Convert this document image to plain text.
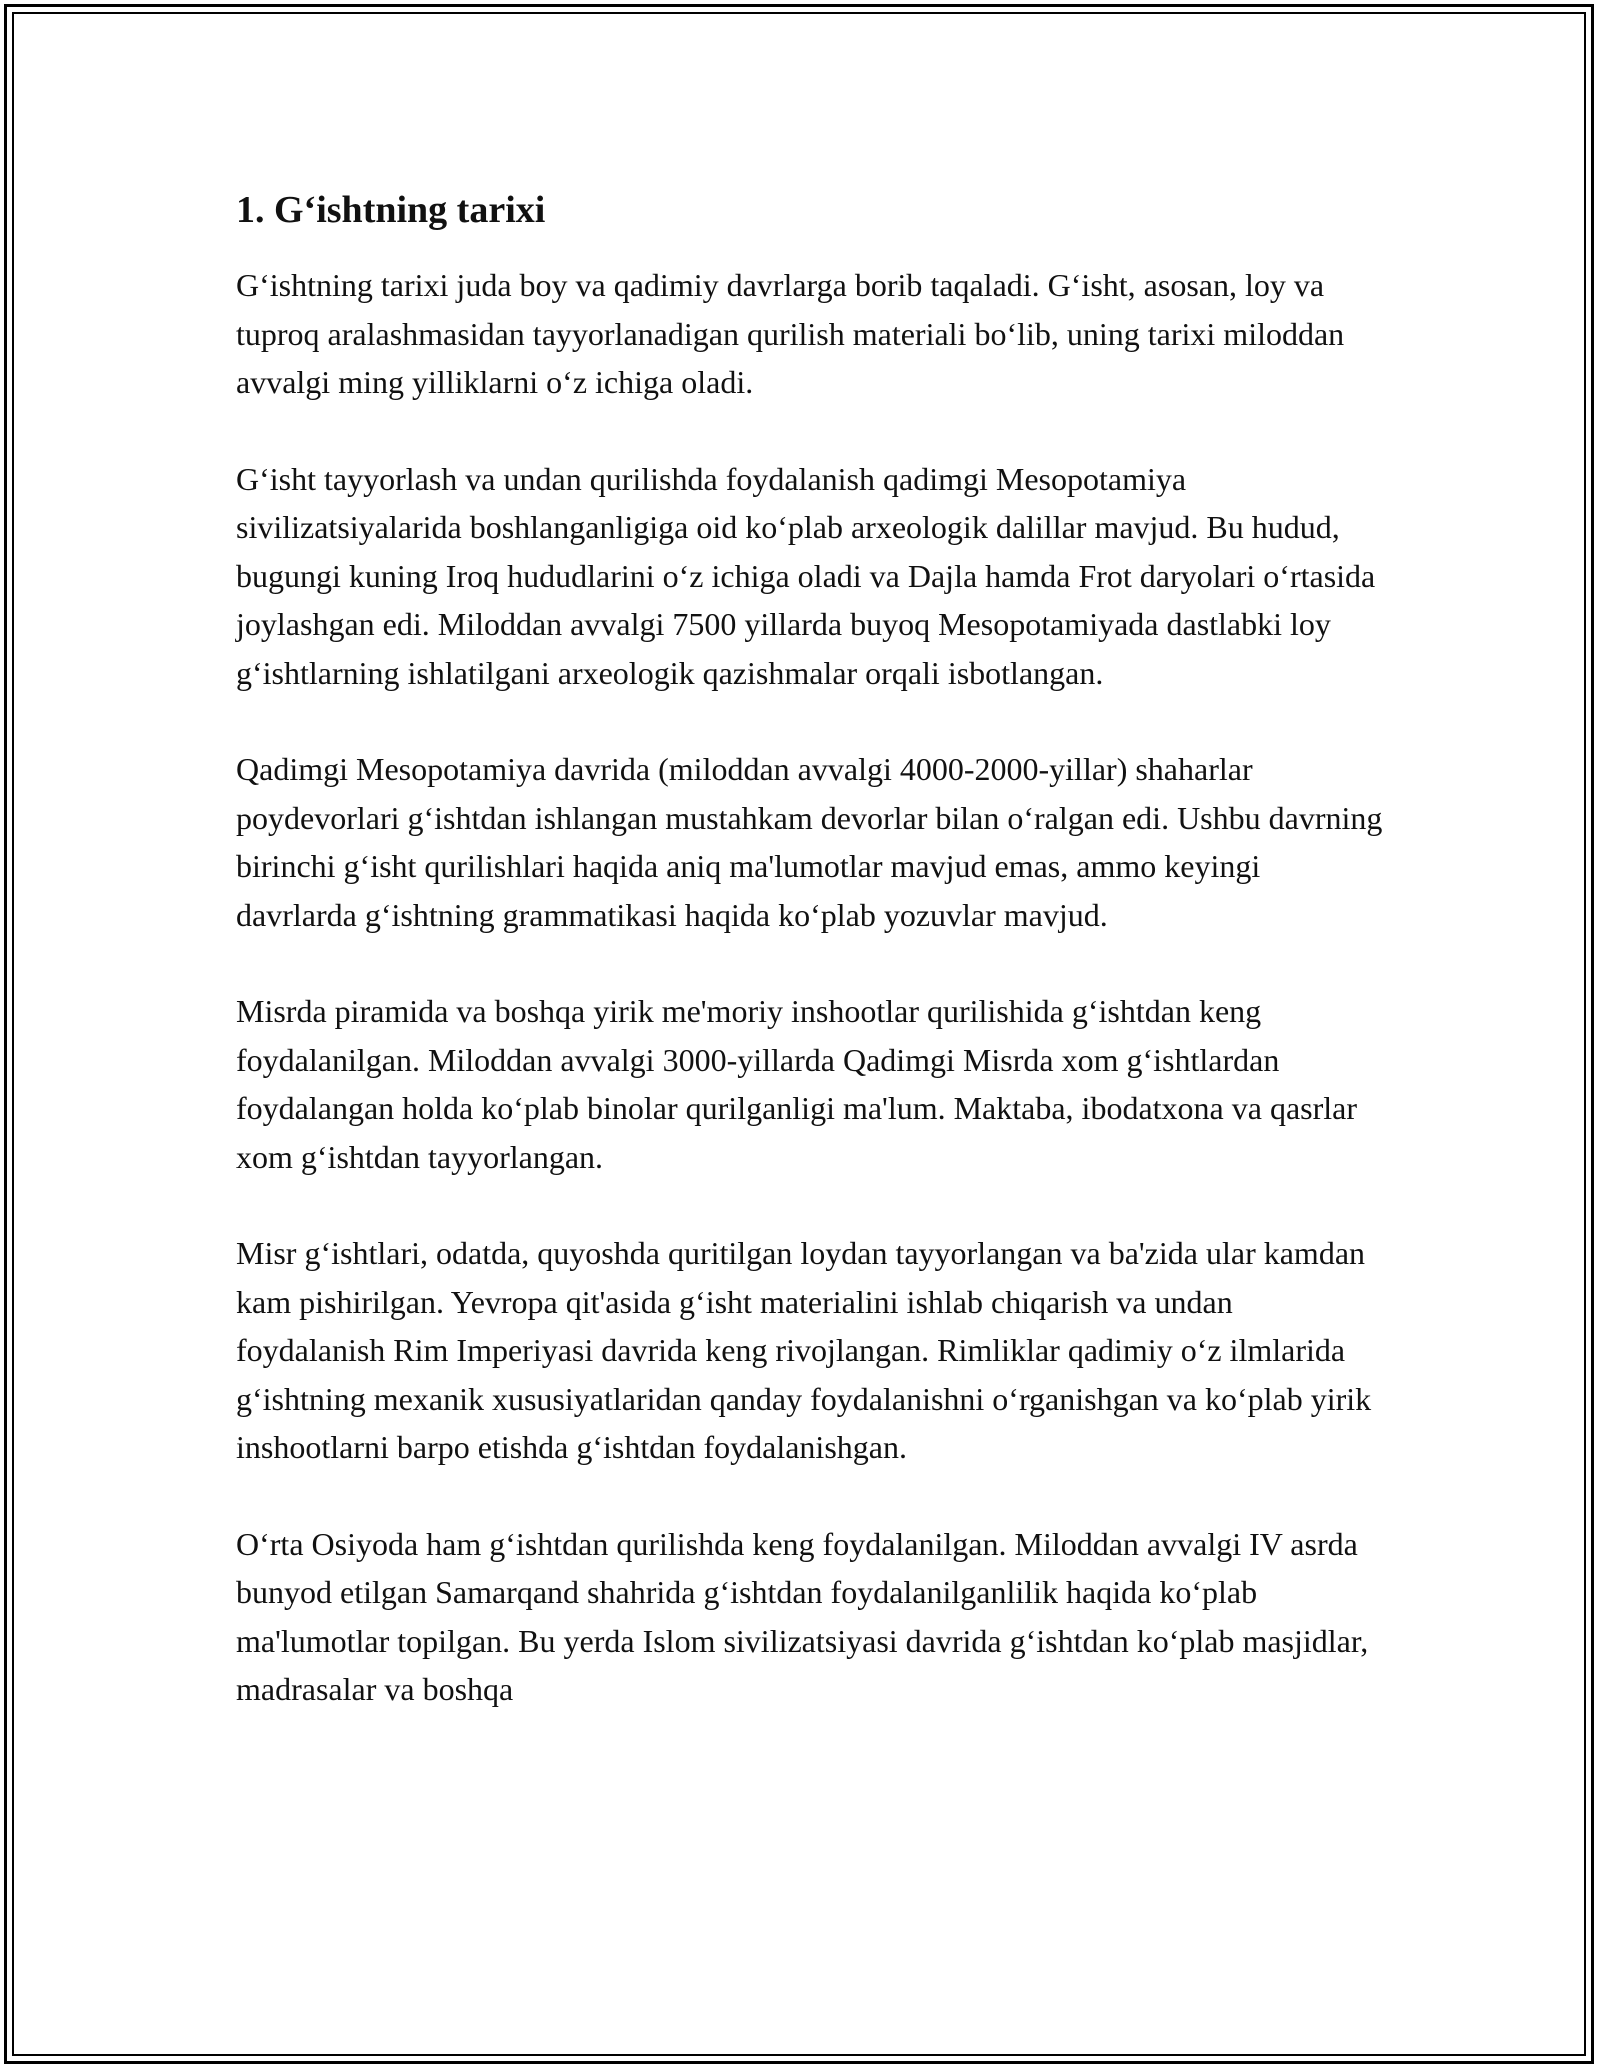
1. G‘ishtning tarixi

G‘ishtning tarixi juda boy va qadimiy davrlarga borib taqaladi. G‘isht, asosan, loy va tuproq aralashmasidan tayyorlanadigan qurilish materiali bo‘lib, uning tarixi miloddan avvalgi ming yilliklarni o‘z ichiga oladi.

G‘isht tayyorlash va undan qurilishda foydalanish qadimgi Mesopotamiya sivilizatsiyalarida boshlanganligiga oid ko‘plab arxeologik dalillar mavjud. Bu hudud, bugungi kuning Iroq hududlarini o‘z ichiga oladi va Dajla hamda Frot daryolari o‘rtasida joylashgan edi. Miloddan avvalgi 7500 yillarda buyoq Mesopotamiyada dastlabki loy g‘ishtlarning ishlatilgani arxeologik qazishmalar orqali isbotlangan.

Qadimgi Mesopotamiya davrida (miloddan avvalgi 4000-2000-yillar) shaharlar poydevorlari g‘ishtdan ishlangan mustahkam devorlar bilan o‘ralgan edi. Ushbu davrning birinchi g‘isht qurilishlari haqida aniq ma'lumotlar mavjud emas, ammo keyingi davrlarda g‘ishtning grammatikasi haqida ko‘plab yozuvlar mavjud.

Misrda piramida va boshqa yirik me'moriy inshootlar qurilishida g‘ishtdan keng foydalanilgan. Miloddan avvalgi 3000-yillarda Qadimgi Misrda xom g‘ishtlardan foydalangan holda ko‘plab binolar qurilganligi ma'lum. Maktaba, ibodatxona va qasrlar xom g‘ishtdan tayyorlangan.

Misr g‘ishtlari, odatda, quyoshda quritilgan loydan tayyorlangan va ba'zida ular kamdan kam pishirilgan. Yevropa qit'asida g‘isht materialini ishlab chiqarish va undan foydalanish Rim Imperiyasi davrida keng rivojlangan. Rimliklar qadimiy o‘z ilmlarida g‘ishtning mexanik xususiyatlaridan qanday foydalanishni o‘rganishgan va ko‘plab yirik inshootlarni barpo etishda g‘ishtdan foydalanishgan.

O‘rta Osiyoda ham g‘ishtdan qurilishda keng foydalanilgan. Miloddan avvalgi IV asrda bunyod etilgan Samarqand shahrida g‘ishtdan foydalanilganlilik haqida ko‘plab ma'lumotlar topilgan. Bu yerda Islom sivilizatsiyasi davrida g‘ishtdan ko‘plab masjidlar, madrasalar va boshqa
